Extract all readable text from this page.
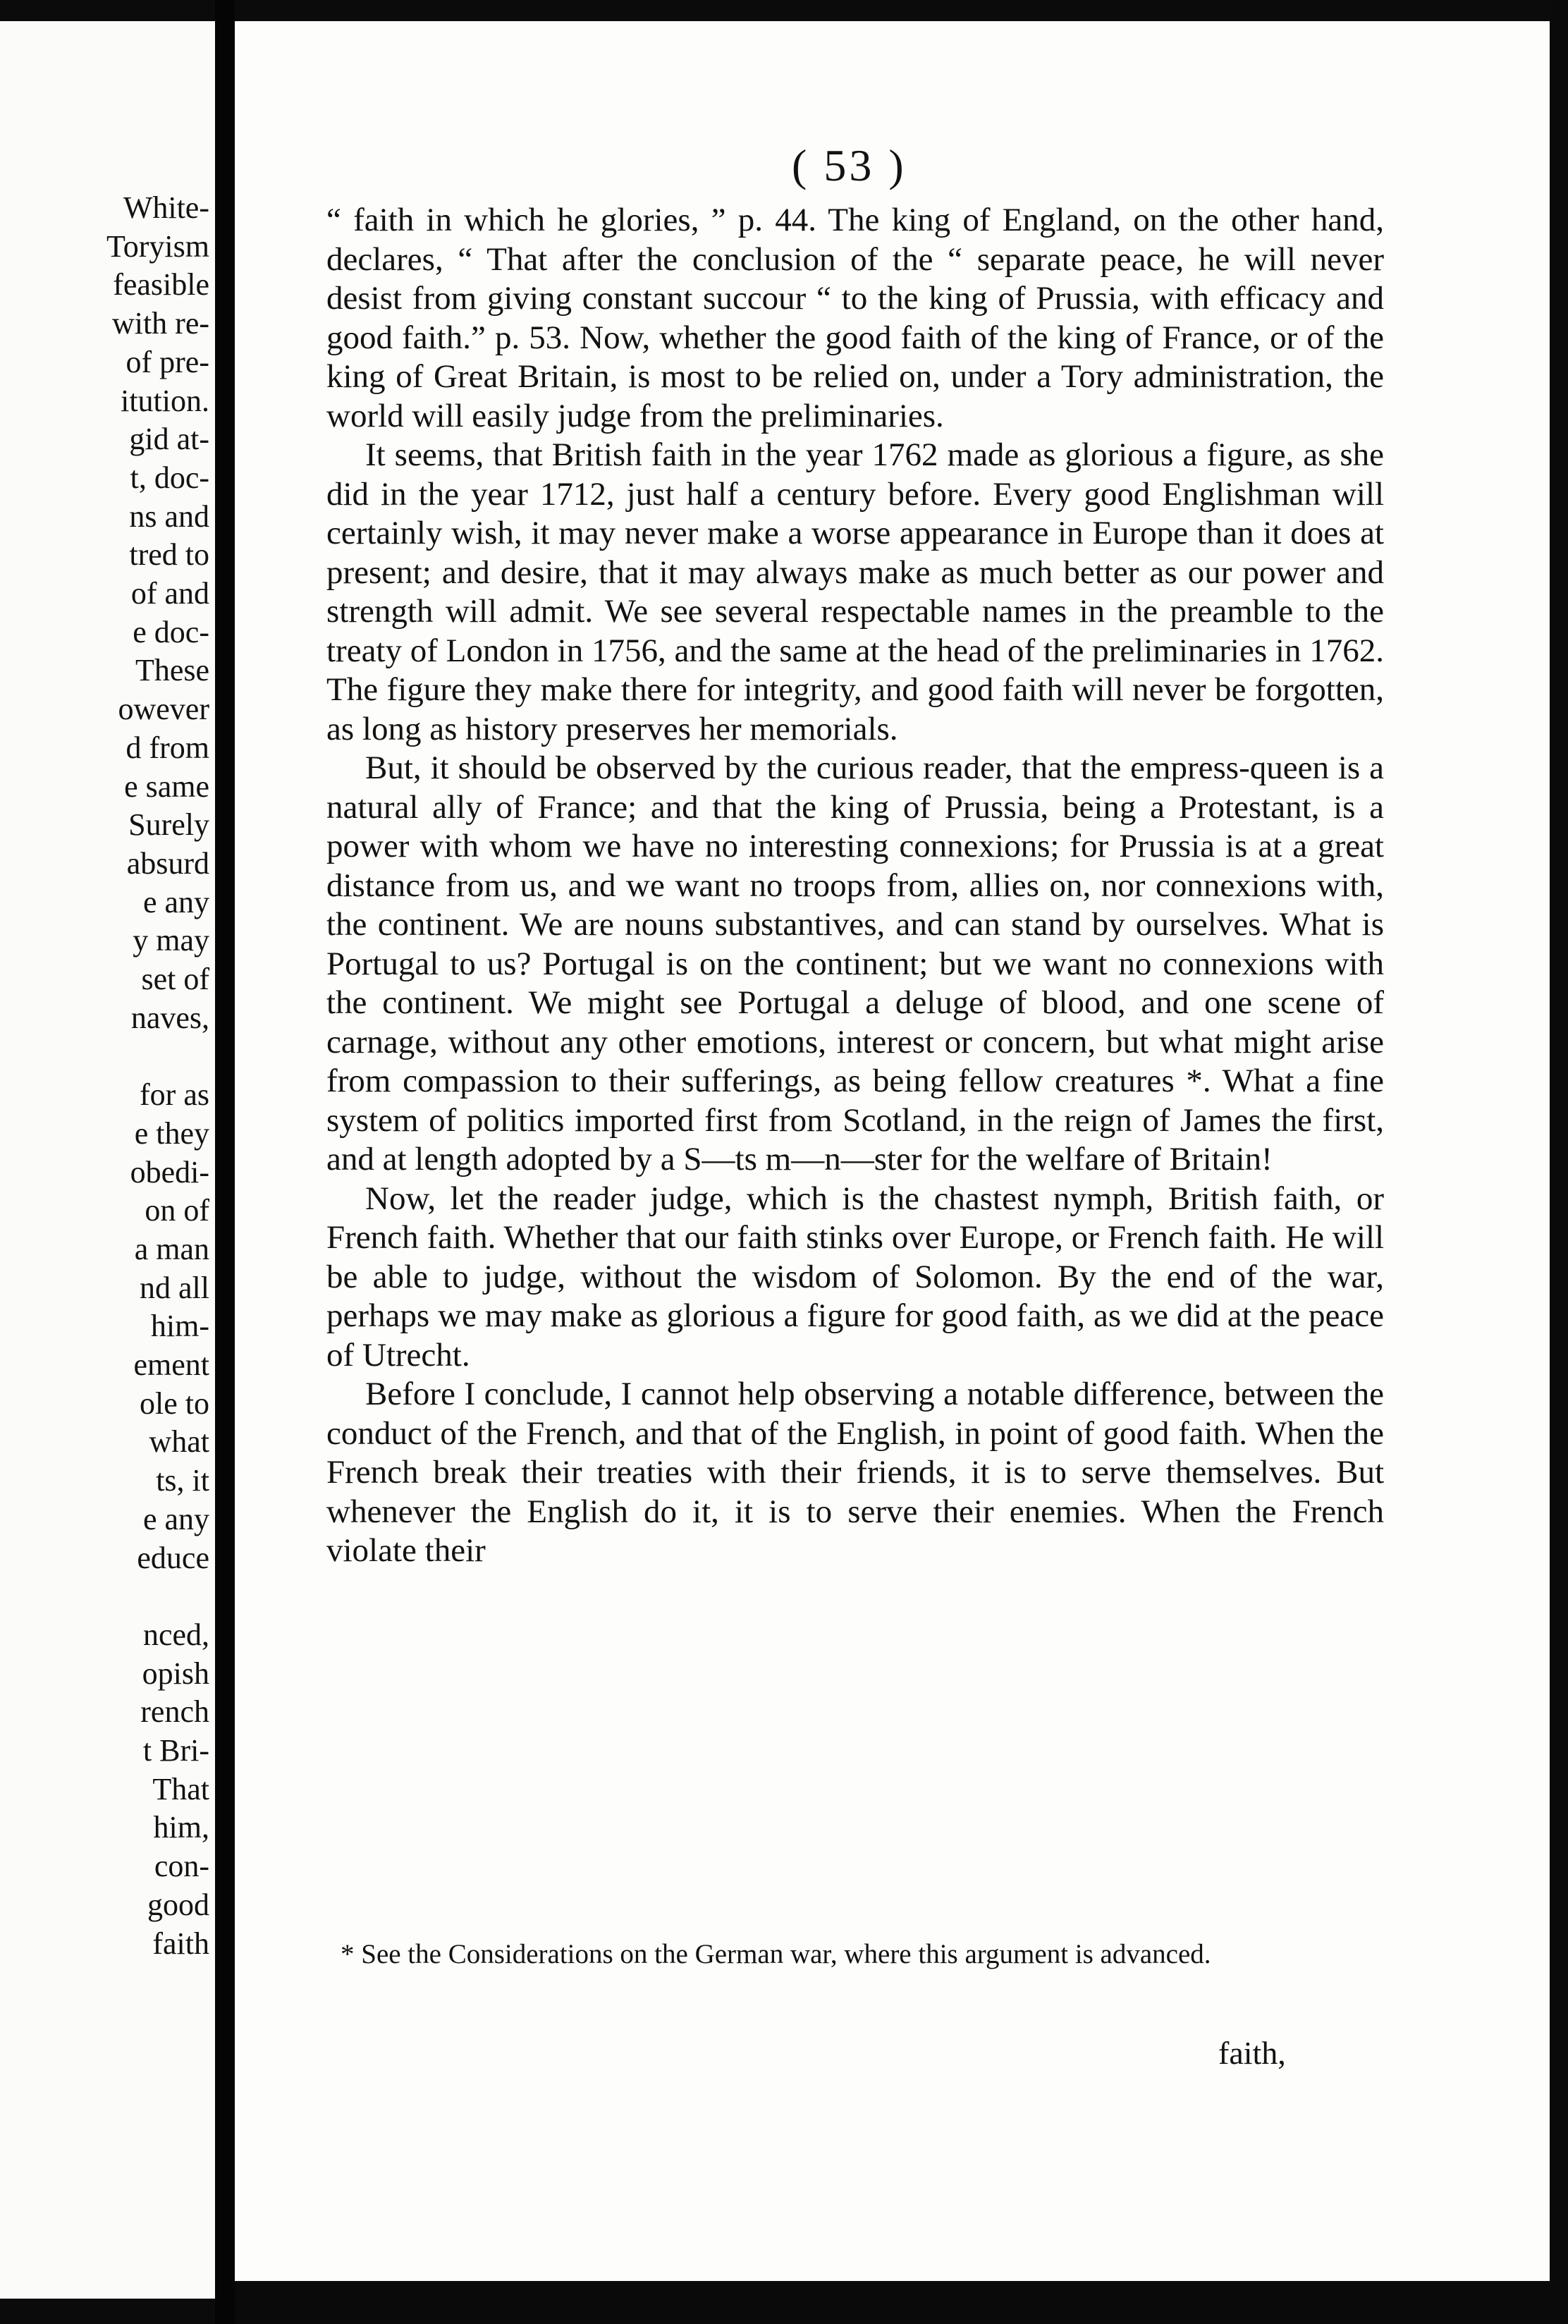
White-
Toryism
feasible
with re-
of pre-
itution.
gid at-
t, doc-
ns and
tred to
of and
e doc-
These
owever
d from
e same
Surely
absurd
e any
y may
set of
naves,
for as
e they
obedi-
on of
a man
nd all
him-
ement
ole to
what
ts, it
e any
educe
nced,
opish
rench
t Bri-
That
him,
con-
good
faith
( 53 )

“ faith in which he glories, ” p. 44. The king of England, on the other hand, declares, “ That after the conclusion of the “ separate peace, he will never desist from giving constant succour “ to the king of Prussia, with efficacy and good faith.” p. 53. Now, whether the good faith of the king of France, or of the king of Great Britain, is most to be relied on, under a Tory administration, the world will easily judge from the preliminaries.

It seems, that British faith in the year 1762 made as glorious a figure, as she did in the year 1712, just half a century before. Every good Englishman will certainly wish, it may never make a worse appearance in Europe than it does at present; and desire, that it may always make as much better as our power and strength will admit. We see several respectable names in the preamble to the treaty of London in 1756, and the same at the head of the preliminaries in 1762. The figure they make there for integrity, and good faith will never be forgotten, as long as history preserves her memorials.

But, it should be observed by the curious reader, that the empress-queen is a natural ally of France; and that the king of Prussia, being a Protestant, is a power with whom we have no interesting connexions; for Prussia is at a great distance from us, and we want no troops from, allies on, nor connexions with, the continent. We are nouns substantives, and can stand by ourselves. What is Portugal to us? Portugal is on the continent; but we want no connexions with the continent. We might see Portugal a deluge of blood, and one scene of carnage, without any other emotions, interest or concern, but what might arise from compassion to their sufferings, as being fellow creatures *. What a fine system of politics imported first from Scotland, in the reign of James the first, and at length adopted by a S—ts m—n—ster for the welfare of Britain!

Now, let the reader judge, which is the chastest nymph, British faith, or French faith. Whether that our faith stinks over Europe, or French faith. He will be able to judge, without the wisdom of Solomon. By the end of the war, perhaps we may make as glorious a figure for good faith, as we did at the peace of Utrecht.

Before I conclude, I cannot help observing a notable difference, between the conduct of the French, and that of the English, in point of good faith. When the French break their treaties with their friends, it is to serve themselves. But whenever the English do it, it is to serve their enemies. When the French violate their

* See the Considerations on the German war, where this argument is advanced.
faith,
